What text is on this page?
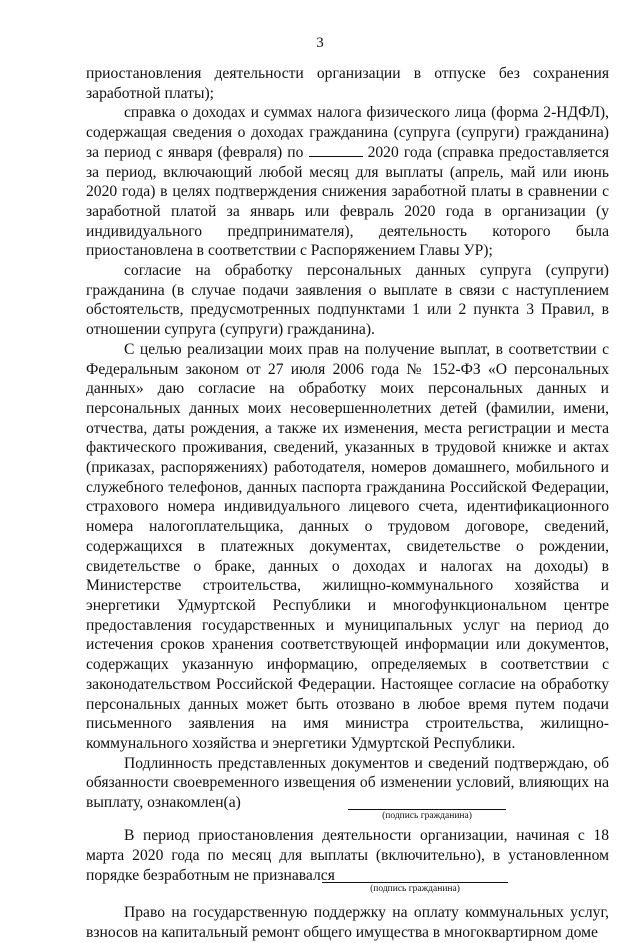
3

приостановления деятельности организации в отпуске без сохранения заработной платы);

справка о доходах и суммах налога физического лица (форма 2-НДФЛ), содержащая сведения о доходах гражданина (супруга (супруги) гражданина) за период с января (февраля) по	2020 года (справка предоставляется за период, включающий любой месяц для выплаты (апрель, май или июнь 2020 года) в целях подтверждения снижения заработной платы в сравнении с заработной платой за январь или февраль 2020 года в организации (у индивидуального предпринимателя), деятельность которого была приостановлена в соответствии с Распоряжением Главы УР);

согласие на обработку персональных данных супруга (супруги) гражданина (в случае подачи заявления о выплате в связи с наступлением обстоятельств, предусмотренных подпунктами 1 или 2 пункта 3 Правил, в отношении супруга (супруги) гражданина).

С целью реализации моих прав на получение выплат, в соответствии с Федеральным законом от 27 июля 2006 года № 152-ФЗ «О персональных данных» даю согласие на обработку моих персональных данных и персональных данных моих несовершеннолетних детей (фамилии, имени, отчества, даты рождения, а также их изменения, места регистрации и места фактического проживания, сведений, указанных в трудовой книжке и актах (приказах, распоряжениях) работодателя, номеров домашнего, мобильного и служебного телефонов, данных паспорта гражданина Российской Федерации, страхового номера индивидуального лицевого счета, идентификационного номера налогоплательщика, данных о трудовом договоре, сведений, содержащихся в платежных документах, свидетельстве о рождении, свидетельстве о браке, данных о доходах и налогах на доходы) в Министерстве строительства, жилищно-коммунального хозяйства и энергетики Удмуртской Республики и многофункциональном центре предоставления государственных и муниципальных услуг на период до истечения сроков хранения соответствующей информации или документов, содержащих указанную информацию, определяемых в соответствии с законодательством Российской Федерации. Настоящее согласие на обработку персональных данных может быть отозвано в любое время путем подачи письменного заявления на имя министра строительства, жилищно-коммунального хозяйства и энергетики Удмуртской Республики.

Подлинность представленных документов и сведений подтверждаю, об обязанности своевременного извещения об изменении условий, влияющих на выплату, ознакомлен(а)

(подпись гражданина)

В период приостановления деятельности организации, начиная с 18 марта 2020 года по месяц для выплаты (включительно), в установленном порядке безработным не признавался

(подпись гражданина)

Право на государственную поддержку на оплату коммунальных услуг, взносов на капитальный ремонт общего имущества в многоквартирном доме
